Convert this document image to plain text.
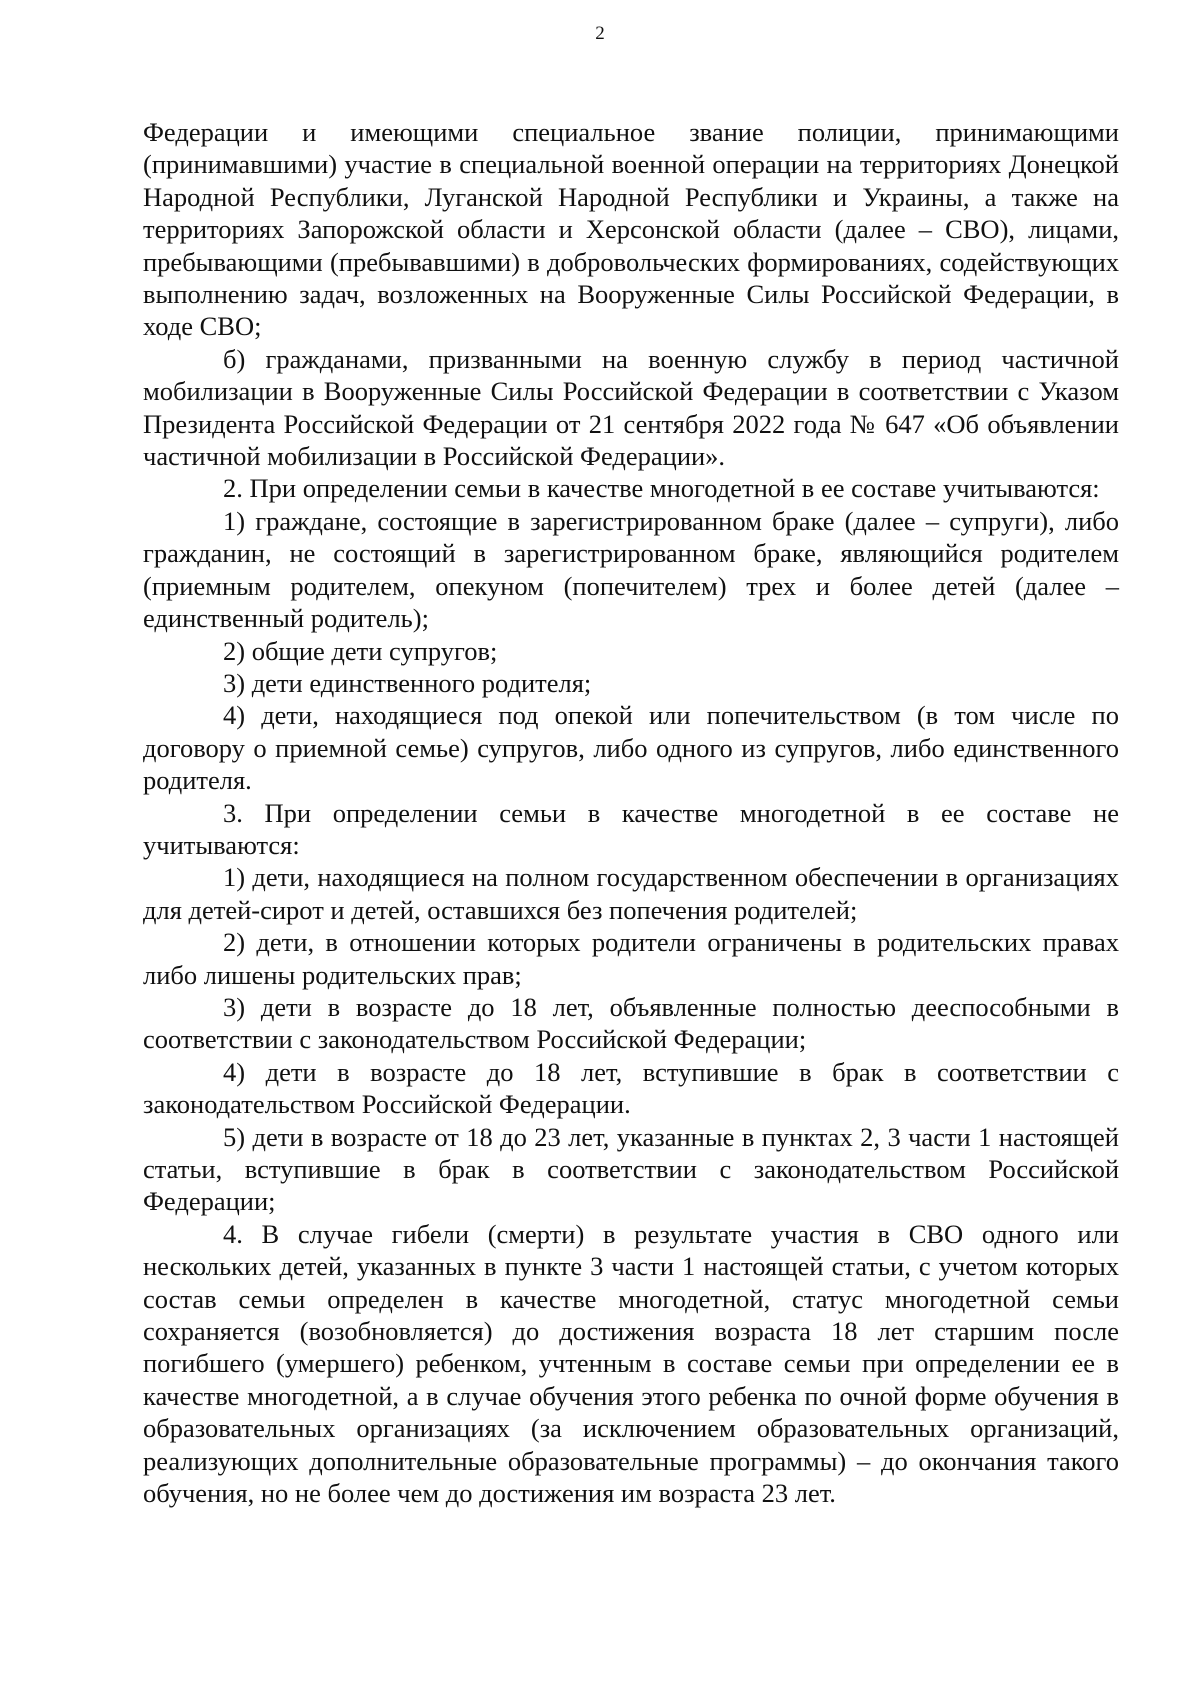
2

Федерации и имеющими специальное звание полиции, принимающими (принимавшими) участие в специальной военной операции на территориях Донецкой Народной Республики, Луганской Народной Республики и Украины, а также на территориях Запорожской области и Херсонской области (далее – СВО), лицами, пребывающими (пребывавшими) в добровольческих формированиях, содействующих выполнению задач, возложенных на Вооруженные Силы Российской Федерации, в ходе СВО;

б) гражданами, призванными на военную службу в период частичной мобилизации в Вооруженные Силы Российской Федерации в соответствии с Указом Президента Российской Федерации от 21 сентября 2022 года № 647 «Об объявлении частичной мобилизации в Российской Федерации».

2. При определении семьи в качестве многодетной в ее составе учитываются:

1) граждане, состоящие в зарегистрированном браке (далее – супруги), либо гражданин, не состоящий в зарегистрированном браке, являющийся родителем (приемным родителем, опекуном (попечителем) трех и более детей (далее – единственный родитель);

2) общие дети супругов;

3) дети единственного родителя;

4) дети, находящиеся под опекой или попечительством (в том числе по договору о приемной семье) супругов, либо одного из супругов, либо единственного родителя.

3. При определении семьи в качестве многодетной в ее составе не учитываются:

1) дети, находящиеся на полном государственном обеспечении в организациях для детей-сирот и детей, оставшихся без попечения родителей;

2) дети, в отношении которых родители ограничены в родительских правах либо лишены родительских прав;

3) дети в возрасте до 18 лет, объявленные полностью дееспособными в соответствии с законодательством Российской Федерации;

4) дети в возрасте до 18 лет, вступившие в брак в соответствии с законодательством Российской Федерации.

5) дети в возрасте от 18 до 23 лет, указанные в пунктах 2, 3 части 1 настоящей статьи, вступившие в брак в соответствии с законодательством Российской Федерации;

4. В случае гибели (смерти) в результате участия в СВО одного или нескольких детей, указанных в пункте 3 части 1 настоящей статьи, с учетом которых состав семьи определен в качестве многодетной, статус многодетной семьи сохраняется (возобновляется) до достижения возраста 18 лет старшим после погибшего (умершего) ребенком, учтенным в составе семьи при определении ее в качестве многодетной, а в случае обучения этого ребенка по очной форме обучения в образовательных организациях (за исключением образовательных организаций, реализующих дополнительные образовательные программы) – до окончания такого обучения, но не более чем до достижения им возраста 23 лет.
